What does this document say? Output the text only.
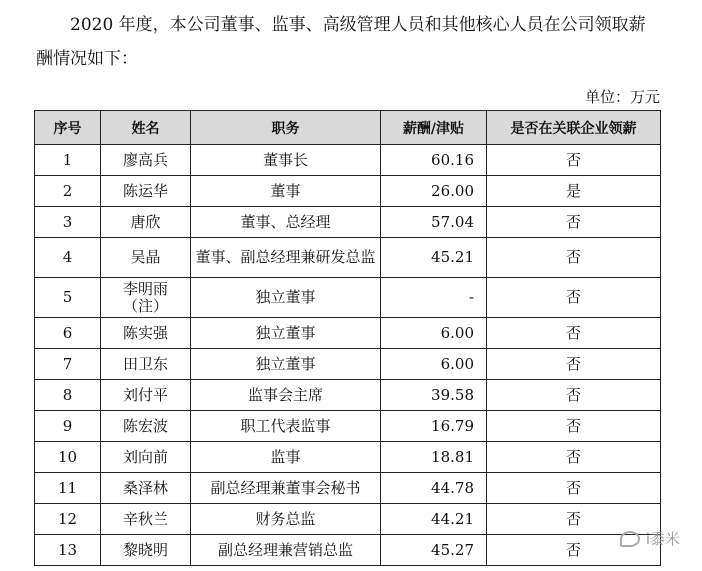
2020 年度，本公司董事、监事、高级管理人员和其他核心人员在公司领取薪
酬情况如下：
单位：万元
序号	姓名	职务	薪酬/津贴	是否在关联企业领薪
1	廖高兵	董事长	60.16	否
2	陈运华	董事	26.00	是
3	唐欣	董事、总经理	57.04	否
4	吴晶	董事、副总经理兼研发总监	45.21	否
5	李明雨（注）	独立董事	-	否
6	陈实强	独立董事	6.00	否
7	田卫东	独立董事	6.00	否
8	刘付平	监事会主席	39.58	否
9	陈宏波	职工代表监事	16.79	否
10	刘向前	监事	18.81	否
11	桑泽林	副总经理兼董事会秘书	44.78	否
12	辛秋兰	财务总监	44.21	否
13	黎晓明	副总经理兼营销总监	45.27	否
i黍米
